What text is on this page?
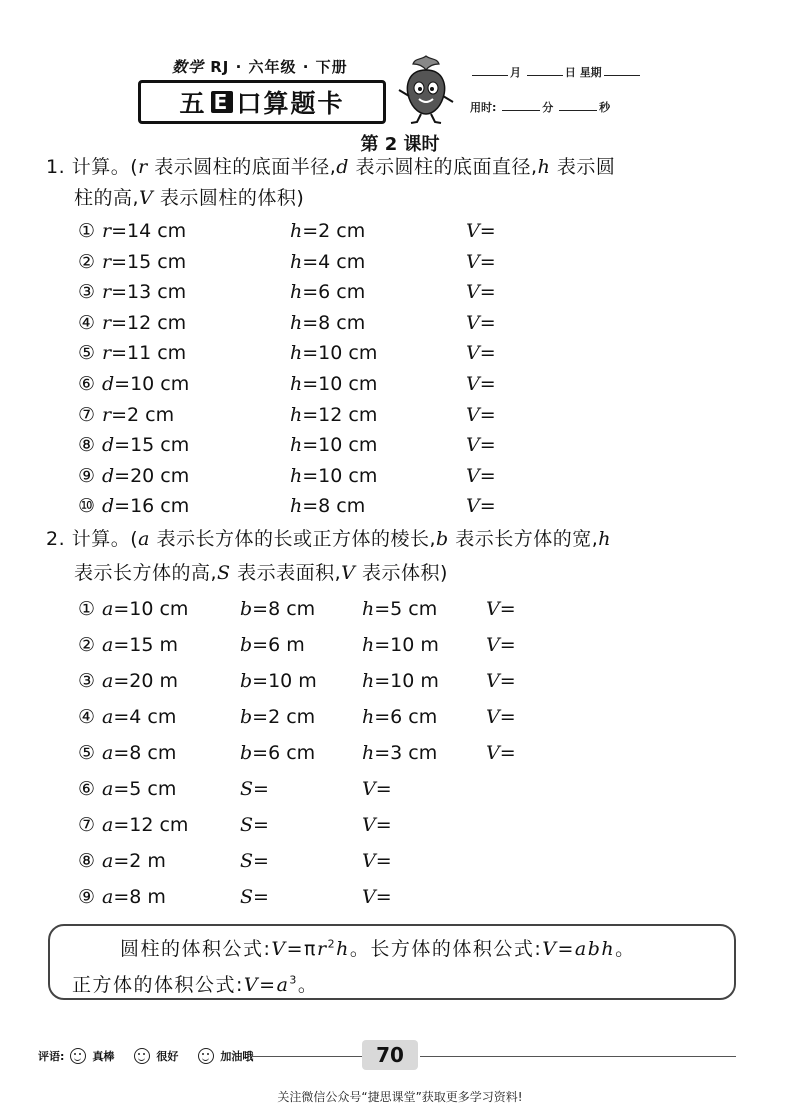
数学 RJ · 六年级 · 下册
五 E 口算题卡
月	日 星期
用时:	分	秒
第 2 课时
1. 计算。(r 表示圆柱的底面半径,d 表示圆柱的底面直径,h 表示圆
柱的高,V 表示圆柱的体积)
① r=14 cm	h=2 cm	V=
② r=15 cm	h=4 cm	V=
③ r=13 cm	h=6 cm	V=
④ r=12 cm	h=8 cm	V=
⑤ r=11 cm	h=10 cm	V=
⑥ d=10 cm	h=10 cm	V=
⑦ r=2 cm	h=12 cm	V=
⑧ d=15 cm	h=10 cm	V=
⑨ d=20 cm	h=10 cm	V=
⑩ d=16 cm	h=8 cm	V=
2. 计算。(a 表示长方体的长或正方体的棱长,b 表示长方体的宽,h
表示长方体的高,S 表示表面积,V 表示体积)
① a=10 cm	b=8 cm h=5 cm	V=
② a=15 m	b=6 m	h=10 m V=
③ a=20 m	b=10 m h=10 m V=
④ a=4 cm	b=2 cm h=6 cm	V=
⑤ a=8 cm	b=6 cm h=3 cm	V=
⑥ a=5 cm	S=	V=
⑦ a=12 cm	S=	V=
⑧ a=2 m	S=	V=
⑨ a=8 m	S=	V=
圆柱的体积公式$:V=\pi r^2h$。长方体的体积公式:V=abh。
正方体的体积公式$:V=a^3$。
评语:	真棒	很好	加油哦	70
关注微信公众号“捷思课堂”获取更多学习资料!
